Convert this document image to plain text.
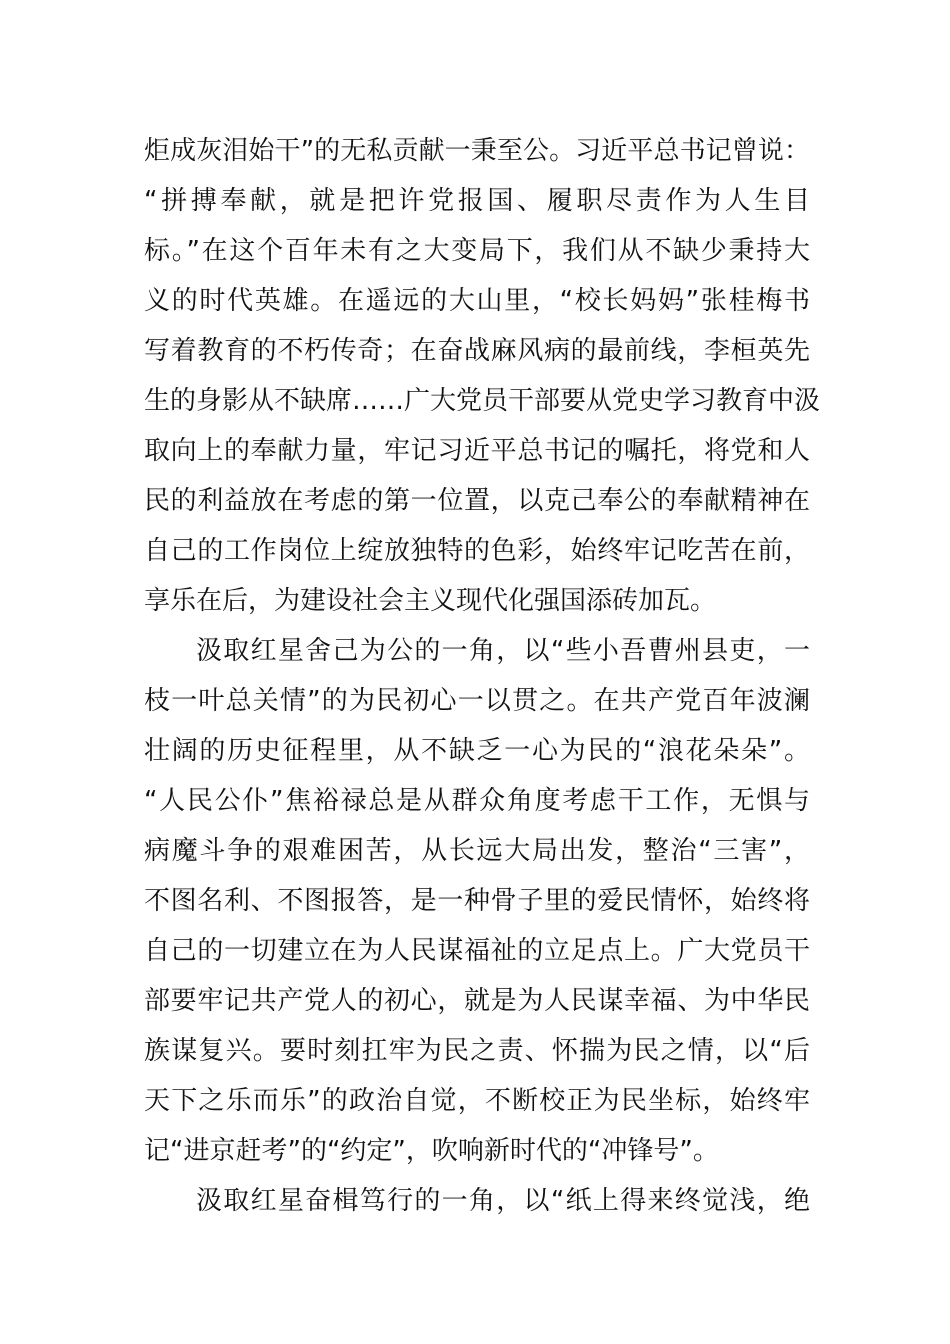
炬成灰泪始干”的无私贡献一秉至公。习近平总书记曾说：
“拼搏奉献，就是把许党报国、履职尽责作为人生目
标。”在这个百年未有之大变局下，我们从不缺少秉持大
义的时代英雄。在遥远的大山里，“校长妈妈”张桂梅书
写着教育的不朽传奇；在奋战麻风病的最前线，李桓英先
生的身影从不缺席……广大党员干部要从党史学习教育中汲
取向上的奉献力量，牢记习近平总书记的嘱托，将党和人
民的利益放在考虑的第一位置，以克己奉公的奉献精神在
自己的工作岗位上绽放独特的色彩，始终牢记吃苦在前，
享乐在后，为建设社会主义现代化强国添砖加瓦。
汲取红星舍己为公的一角，以“些小吾曹州县吏，一
枝一叶总关情”的为民初心一以贯之。在共产党百年波澜
壮阔的历史征程里，从不缺乏一心为民的“浪花朵朵”。
“人民公仆”焦裕禄总是从群众角度考虑干工作，无惧与
病魔斗争的艰难困苦，从长远大局出发，整治“三害”，
不图名利、不图报答，是一种骨子里的爱民情怀，始终将
自己的一切建立在为人民谋福祉的立足点上。广大党员干
部要牢记共产党人的初心，就是为人民谋幸福、为中华民
族谋复兴。要时刻扛牢为民之责、怀揣为民之情，以“后
天下之乐而乐”的政治自觉，不断校正为民坐标，始终牢
记“进京赶考”的“约定”，吹响新时代的“冲锋号”。
汲取红星奋楫笃行的一角，以“纸上得来终觉浅，绝
